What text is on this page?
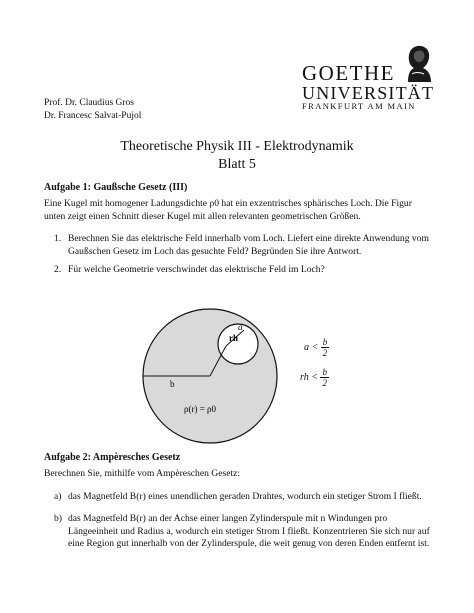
Prof. Dr. Claudius Gros
Dr. Francesc Salvat-Pujol
GOETHE
UNIVERSITÄT
FRANKFURT AM MAIN
Theoretische Physik III - Elektrodynamik
Blatt 5
Aufgabe 1: Gaußsche Gesetz (III)
Eine Kugel mit homogener Ladungsdichte ρ0 hat ein exzentrisches sphärisches Loch. Die Figur unten zeigt einen Schnitt dieser Kugel mit allen relevanten geometrischen Größen.
1. Berechnen Sie das elektrische Feld innerhalb vom Loch. Liefert eine direkte Anwendung vom Gaußschen Gesetz im Loch das gesuchte Feld? Begründen Sie ihre Antwort.
2. Für welche Geometrie verschwindet das elektrische Feld im Loch?
rh
a
b
ρ(r) = ρ0
$a < \frac{b}{2}$
rh < $\frac{b}{2}$
Aufgabe 2: Ampèresches Gesetz
Berechnen Sie, mithilfe vom Ampèreschen Gesetz:
a) das Magnetfeld B(r) eines unendlichen geraden Drahtes, wodurch ein stetiger Strom I fließt.
b) das Magnetfeld B(r) an der Achse einer langen Zylinderspule mit n Windungen pro Längeeinheit und Radius a, wodurch ein stetiger Strom I fließt. Konzentrieren Sie sich nur auf eine Region gut innerhalb von der Zylinderspule, die weit genug von deren Enden entfernt ist.
